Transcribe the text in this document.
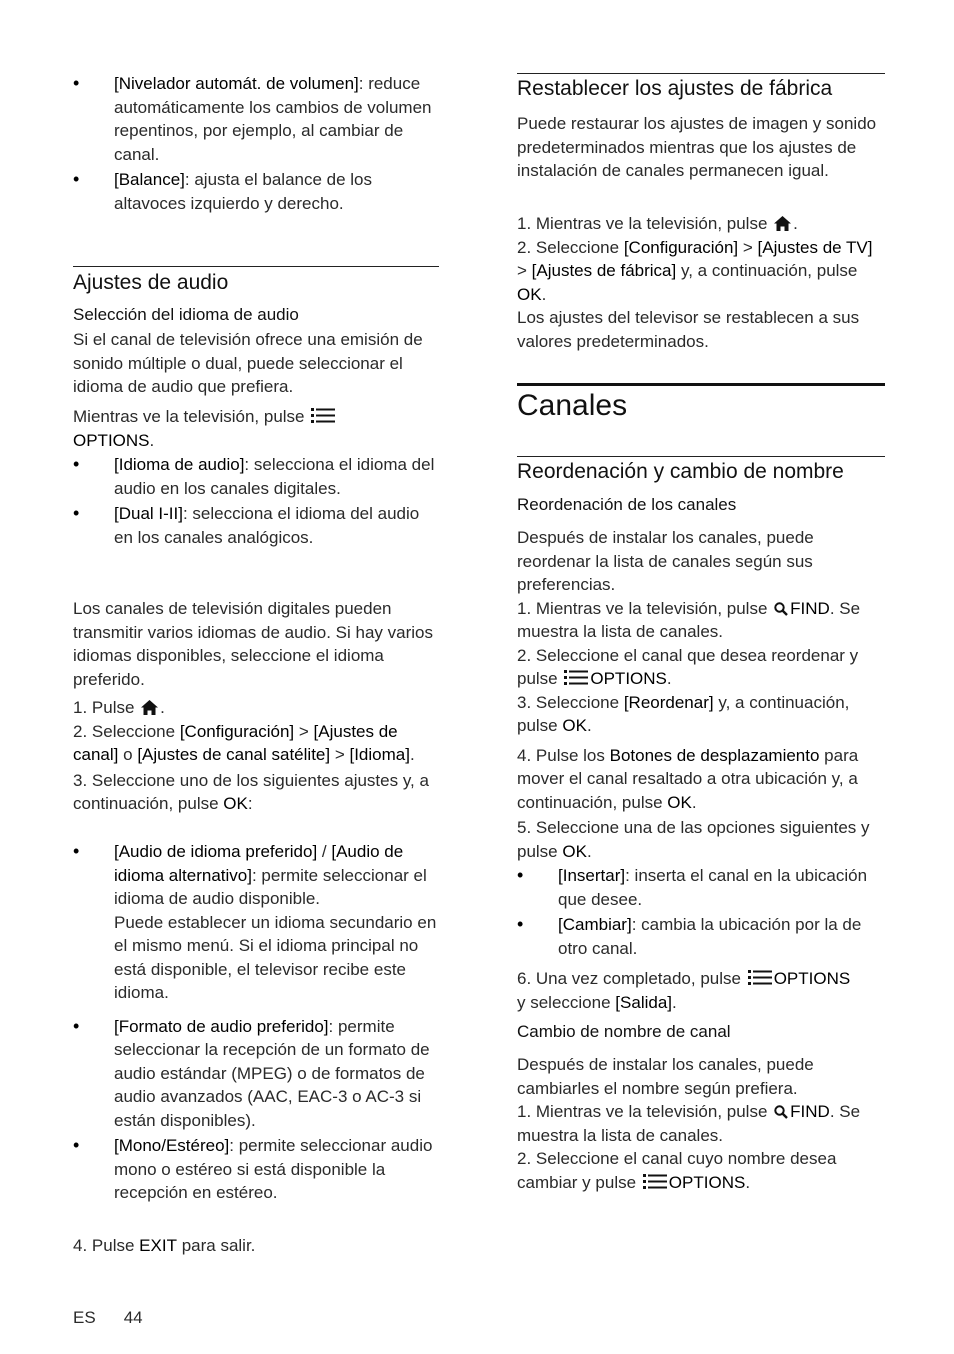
• [Nivelador automát. de volumen]: reduce automáticamente los cambios de volumen repentinos, por ejemplo, al cambiar de canal.
• [Balance]: ajusta el balance de los altavoces izquierdo y derecho.
Ajustes de audio
Selección del idioma de audio

Si el canal de televisión ofrece una emisión de sonido múltiple o dual, puede seleccionar el idioma de audio que prefiera.

Mientras ve la televisión, pulse
OPTIONS.

• [Idioma de audio]: selecciona el idioma del audio en los canales digitales.
• [Dual I-II]: selecciona el idioma del audio en los canales analógicos.

Los canales de televisión digitales pueden transmitir varios idiomas de audio. Si hay varios idiomas disponibles, seleccione el idioma preferido.

1. Pulse .

2. Seleccione [Configuración] > [Ajustes de canal] o [Ajustes de canal satélite] > [Idioma].

3. Seleccione uno de los siguientes ajustes y, a continuación, pulse OK:

• [Audio de idioma preferido] / [Audio de idioma alternativo]: permite seleccionar el idioma de audio disponible.
Puede establecer un idioma secundario en el mismo menú. Si el idioma principal no está disponible, el televisor recibe este idioma.
• [Formato de audio preferido]: permite seleccionar la recepción de un formato de audio estándar (MPEG) o de formatos de audio avanzados (AAC, EAC-3 o AC-3 si están disponibles).
• [Mono/Estéreo]: permite seleccionar audio mono o estéreo si está disponible la recepción en estéreo.

4. Pulse EXIT para salir.

Restablecer los ajustes de fábrica

Puede restaurar los ajustes de imagen y sonido predeterminados mientras que los ajustes de instalación de canales permanecen igual.

1. Mientras ve la televisión, pulse .

2. Seleccione [Configuración] > [Ajustes de TV] > [Ajustes de fábrica] y, a continuación, pulse OK.

Los ajustes del televisor se restablecen a sus valores predeterminados.

Canales
Reordenación y cambio de nombre
Reordenación de los canales

Después de instalar los canales, puede reordenar la lista de canales según sus preferencias.

1. Mientras ve la televisión, pulse FIND. Se muestra la lista de canales.

2. Seleccione el canal que desea reordenar y pulse OPTIONS.

3. Seleccione [Reordenar] y, a continuación, pulse OK.

4. Pulse los Botones de desplazamiento para mover el canal resaltado a otra ubicación y, a continuación, pulse OK.

5. Seleccione una de las opciones siguientes y pulse OK.

• [Insertar]: inserta el canal en la ubicación que desee.
• [Cambiar]: cambia la ubicación por la de otro canal.

6. Una vez completado, pulse OPTIONS
y seleccione [Salida].

Cambio de nombre de canal

Después de instalar los canales, puede cambiarles el nombre según prefiera.

1. Mientras ve la televisión, pulse FIND. Se muestra la lista de canales.

2. Seleccione el canal cuyo nombre desea cambiar y pulse OPTIONS.

ES 44
